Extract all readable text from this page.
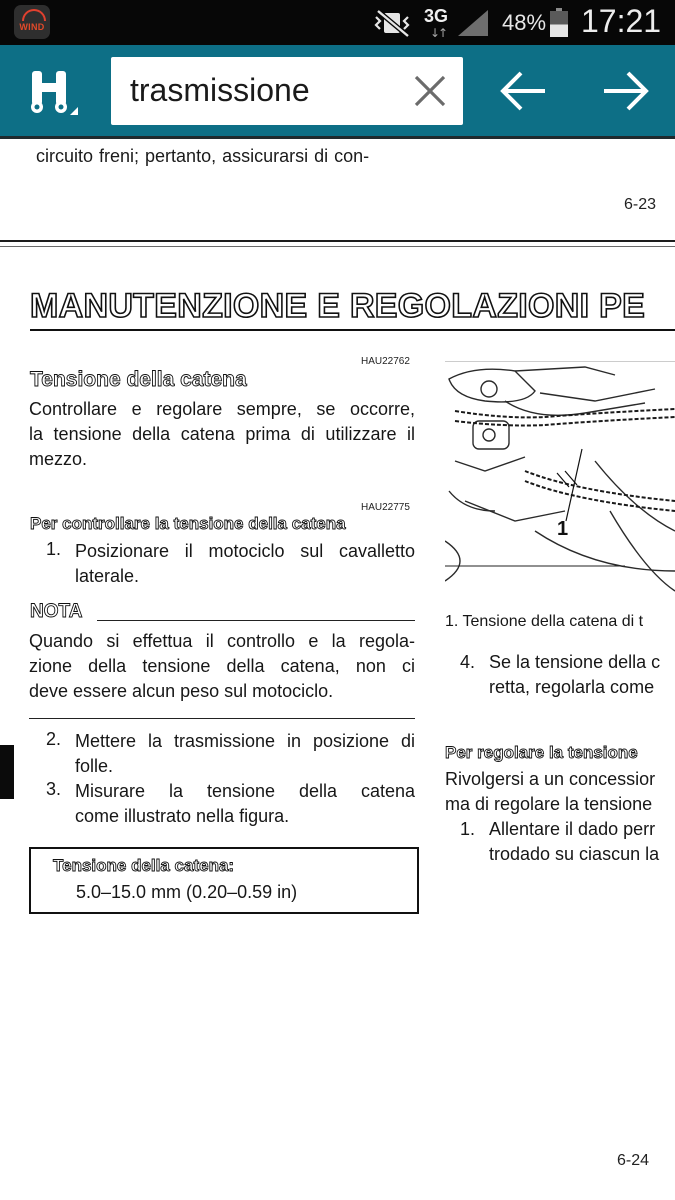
WIND
3G
↓↑	48% 17:21
trasmissione
circuito freni; pertanto, assicurarsi di con-
6-23
MANUTENZIONE E REGOLAZIONI PE
HAU22762
Tensione della catena
Controllare e regolare sempre, se occorre,
la tensione della catena prima di utilizzare il
mezzo.
HAU22775
Per controllare la tensione della catena
1. Posizionare il motociclo sul cavalletto
laterale.
NOTA
Quando si effettua il controllo e la regola-
zione della tensione della catena, non ci
deve essere alcun peso sul motociclo.
2. Mettere la trasmissione in posizione di
folle.
3. Misurare la tensione della catena
come illustrato nella figura.
Tensione della catena:
5.0–15.0 mm (0.20–0.59 in)
1
1. Tensione della catena di t
4. Se la tensione della c
retta, regolarla come
Per regolare la tensione
Rivolgersi a un concessior
ma di regolare la tensione
1. Allentare il dado perr
trodado su ciascun la
6-24
